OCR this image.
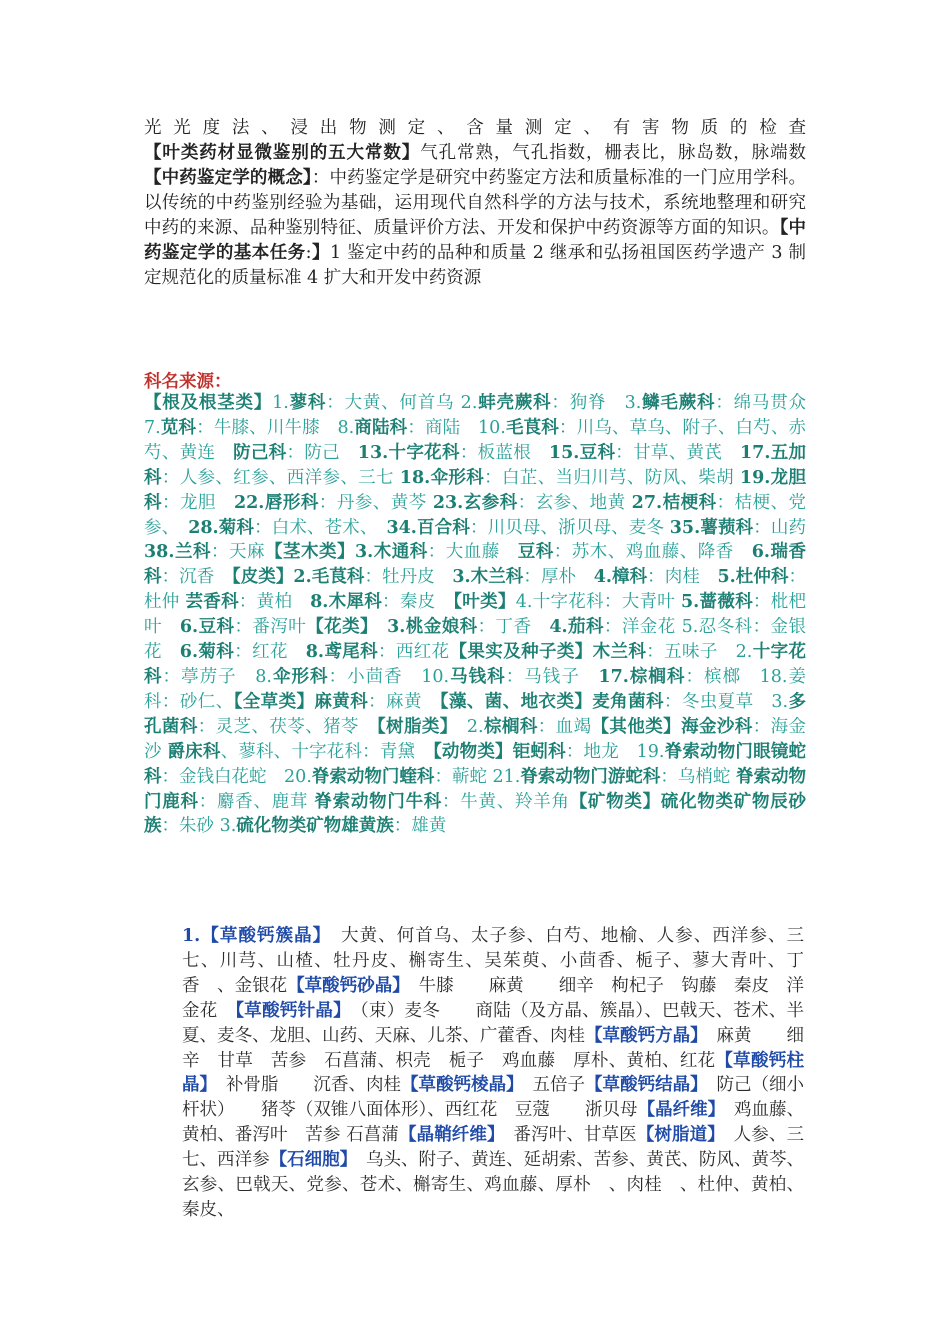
光光度法、浸出物测定、含量测定、有害物质的检查【叶类药材显微鉴别的五大常数】气孔常熟，气孔指数，栅表比，脉岛数，脉端数【中药鉴定学的概念】：中药鉴定学是研究中药鉴定方法和质量标准的一门应用学科。以传统的中药鉴别经验为基础，运用现代自然科学的方法与技术，系统地整理和研究中药的来源、品种鉴别特征、质量评价方法、开发和保护中药资源等方面的知识。【中药鉴定学的基本任务:】1 鉴定中药的品种和质量 2 继承和弘扬祖国医药学遗产 3 制定规范化的质量标准 4 扩大和开发中药资源

科名来源：

【根及根茎类】1.蓼科：大黄、何首乌 2.蚌壳蕨科：狗脊　3.鳞毛蕨科：绵马贯众　7.苋科：牛膝、川牛膝　8.商陆科：商陆　10.毛茛科：川乌、草乌、附子、白芍、赤芍、黄连　防己科：防己　13.十字花科：板蓝根　15.豆科：甘草、黄芪　17.五加科：人参、红参、西洋参、三七 18.伞形科：白芷、当归川芎、防风、柴胡 19.龙胆科：龙胆　22.唇形科：丹参、黄芩 23.玄参科：玄参、地黄 27.桔梗科：桔梗、党参、　28.菊科：白术、苍术、　34.百合科：川贝母、浙贝母、麦冬 35.薯蓣科：山药 38.兰科：天麻【茎木类】3.木通科：大血藤　豆科：苏木、鸡血藤、降香　6.瑞香科：沉香　【皮类】2.毛茛科：牡丹皮　3.木兰科：厚朴　4.樟科：肉桂　5.杜仲科：杜仲 芸香科：黄柏　8.木犀科：秦皮　【叶类】4.十字花科：大青叶 5.蔷薇科：枇杷叶　6.豆科：番泻叶【花类】　3.桃金娘科：丁香　4.茄科：洋金花 5.忍冬科：金银花　6.菊科：红花　8.鸢尾科：西红花【果实及种子类】木兰科：五味子　2.十字花科：葶苈子　8.伞形科：小茴香　10.马钱科：马钱子　17.棕榈科：槟榔　18.姜科：砂仁、【全草类】麻黄科：麻黄　【藻、菌、地衣类】麦角菌科：冬虫夏草　3.多孔菌科：灵芝、茯苓、猪苓　【树脂类】　2.棕榈科：血竭【其他类】海金沙科：海金沙 爵床科、蓼科、十字花科：青黛　【动物类】钜蚓科：地龙　19.脊索动物门眼镜蛇科：金钱白花蛇　20.脊索动物门蝰科：蕲蛇 21.脊索动物门游蛇科：乌梢蛇 脊索动物门鹿科：麝香、鹿茸 脊索动物门牛科：牛黄、羚羊角【矿物类】硫化物类矿物辰砂族：朱砂 3.硫化物类矿物雄黄族：雄黄

1.【草酸钙簇晶】　大黄、何首乌、太子参、白芍、地榆、人参、西洋参、三七、川芎、山楂、牡丹皮、槲寄生、吴茱萸、小茴香、栀子、蓼大青叶、丁香　、金银花【草酸钙砂晶】　牛膝　　麻黄　　细辛　枸杞子　钩藤　秦皮　洋金花　【草酸钙针晶】　（束）麦冬　　商陆（及方晶、簇晶）、巴戟天、苍术、半夏、麦冬、龙胆、山药、天麻、儿茶、广藿香、肉桂【草酸钙方晶】　麻黄　　细辛　甘草　苦参　石菖蒲、枳壳　栀子　鸡血藤　厚朴、黄柏、红花【草酸钙柱晶】　补骨脂　　沉香、肉桂【草酸钙棱晶】　五倍子【草酸钙结晶】　防己（细小杆状）　　猪苓（双锥八面体形）、西红花　豆蔻　　浙贝母【晶纤维】　鸡血藤、黄柏、番泻叶　苦参 石菖蒲【晶鞘纤维】　番泻叶、甘草医【树脂道】　人参、三七、西洋参【石细胞】　乌头、附子、黄连、延胡索、苦参、黄芪、防风、黄芩、玄参、巴戟天、党参、苍术、槲寄生、鸡血藤、厚朴　、肉桂　、杜仲、黄柏、秦皮、
